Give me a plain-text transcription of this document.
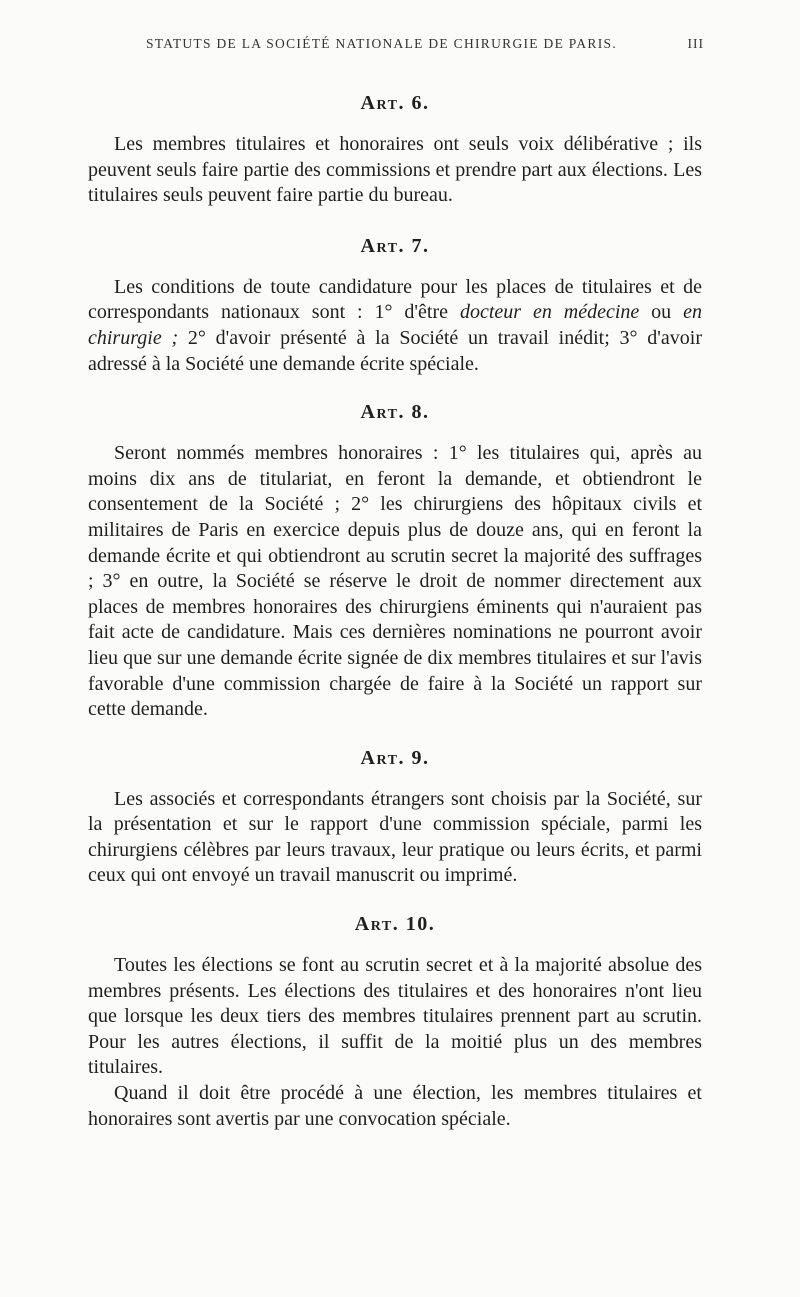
STATUTS DE LA SOCIÉTÉ NATIONALE DE CHIRURGIE DE PARIS.	III
Art. 6.

Les membres titulaires et honoraires ont seuls voix délibérative ; ils peuvent seuls faire partie des commissions et prendre part aux élections. Les titulaires seuls peuvent faire partie du bureau.

Art. 7.

Les conditions de toute candidature pour les places de titulaires et de correspondants nationaux sont : 1° d'être docteur en médecine ou en chirurgie ; 2° d'avoir présenté à la Société un travail inédit; 3° d'avoir adressé à la Société une demande écrite spéciale.

Art. 8.

Seront nommés membres honoraires : 1° les titulaires qui, après au moins dix ans de titulariat, en feront la demande, et obtiendront le consentement de la Société ; 2° les chirurgiens des hôpitaux civils et militaires de Paris en exercice depuis plus de douze ans, qui en feront la demande écrite et qui obtiendront au scrutin secret la majorité des suffrages ; 3° en outre, la Société se réserve le droit de nommer directement aux places de membres honoraires des chirurgiens éminents qui n'auraient pas fait acte de candidature. Mais ces dernières nominations ne pourront avoir lieu que sur une demande écrite signée de dix membres titulaires et sur l'avis favorable d'une commission chargée de faire à la Société un rapport sur cette demande.

Art. 9.

Les associés et correspondants étrangers sont choisis par la Société, sur la présentation et sur le rapport d'une commission spéciale, parmi les chirurgiens célèbres par leurs travaux, leur pratique ou leurs écrits, et parmi ceux qui ont envoyé un travail manuscrit ou imprimé.

Art. 10.

Toutes les élections se font au scrutin secret et à la majorité absolue des membres présents. Les élections des titulaires et des honoraires n'ont lieu que lorsque les deux tiers des membres titulaires prennent part au scrutin. Pour les autres élections, il suffit de la moitié plus un des membres titulaires.

Quand il doit être procédé à une élection, les membres titulaires et honoraires sont avertis par une convocation spéciale.
